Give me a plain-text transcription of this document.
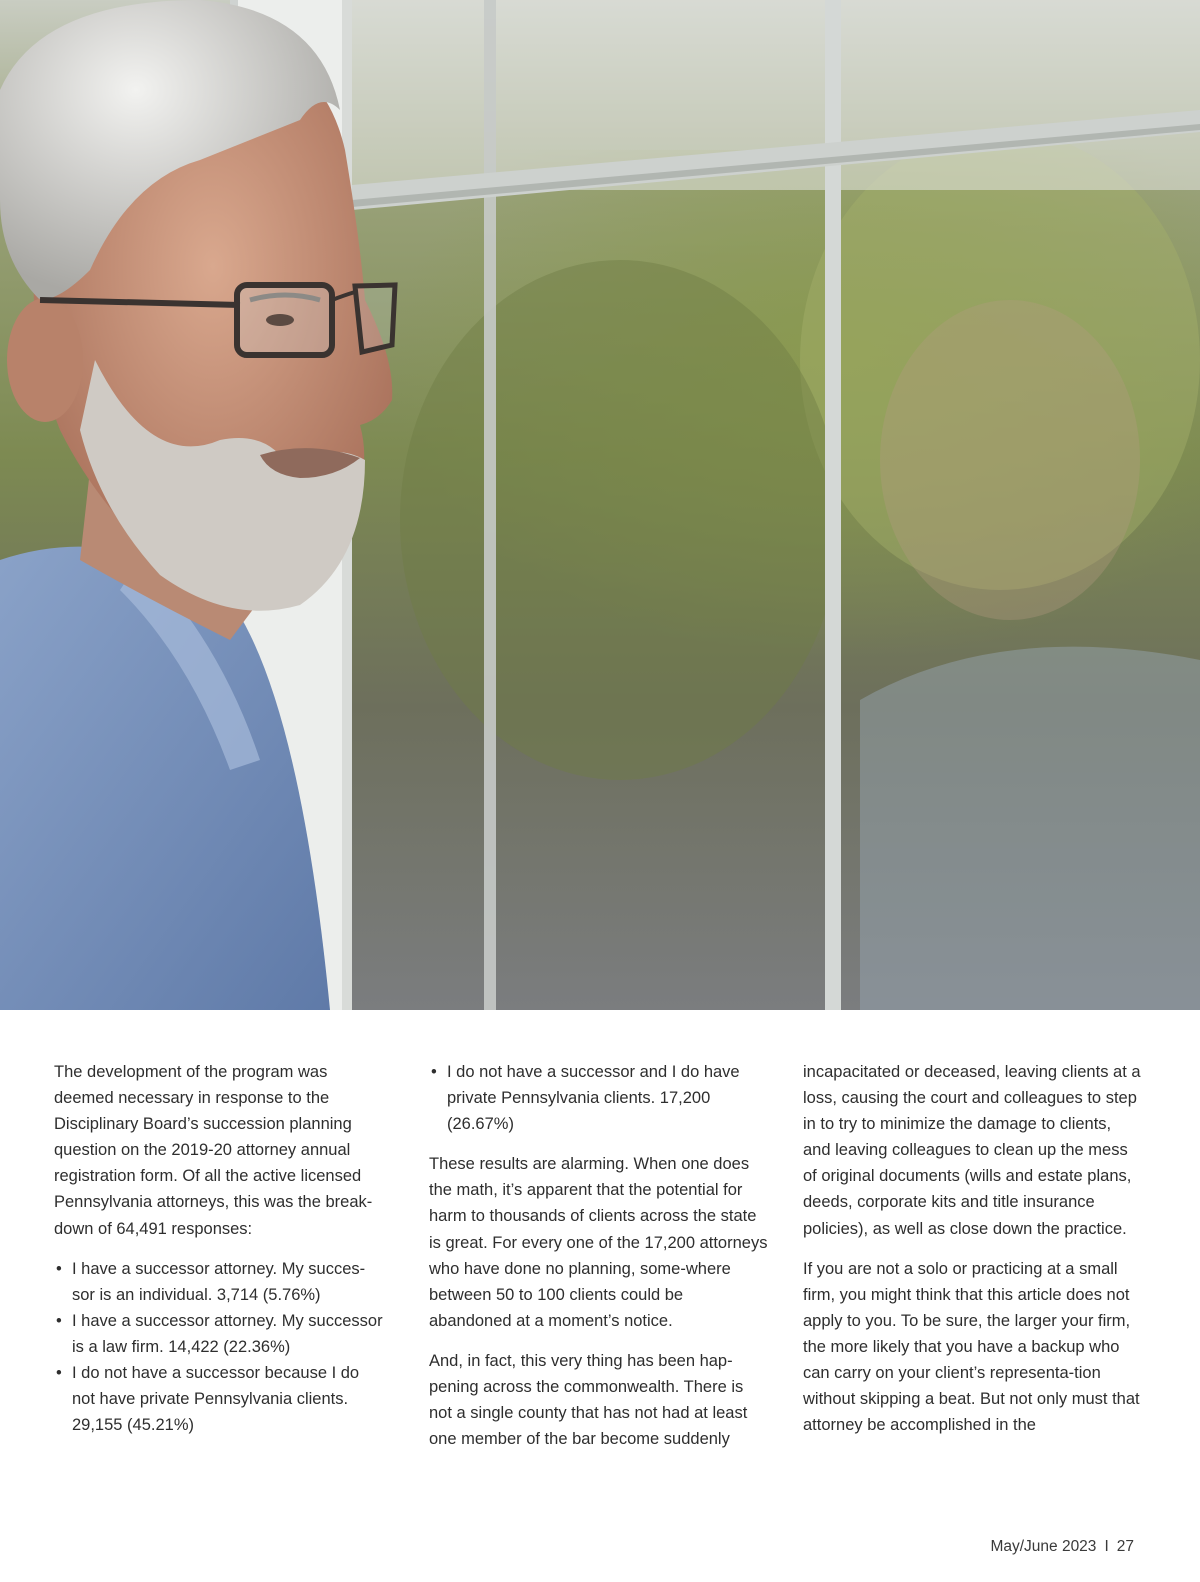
The development of the program was deemed necessary in response to the Disciplinary Board’s succession planning question on the 2019-20 attorney annual registration form. Of all the active licensed Pennsylvania attorneys, this was the break-down of 64,491 responses:

• I have a successor attorney. My succes-sor is an individual. 3,714 (5.76%)
• I have a successor attorney. My successor is a law firm. 14,422 (22.36%)
• I do not have a successor because I do not have private Pennsylvania clients. 29,155 (45.21%)
• I do not have a successor and I do have private Pennsylvania clients. 17,200 (26.67%)

These results are alarming. When one does the math, it’s apparent that the potential for harm to thousands of clients across the state is great. For every one of the 17,200 attorneys who have done no planning, some-where between 50 to 100 clients could be abandoned at a moment’s notice.

And, in fact, this very thing has been hap-pening across the commonwealth. There is not a single county that has not had at least one member of the bar become suddenly

incapacitated or deceased, leaving clients at a loss, causing the court and colleagues to step in to try to minimize the damage to clients, and leaving colleagues to clean up the mess of original documents (wills and estate plans, deeds, corporate kits and title insurance policies), as well as close down the practice.

If you are not a solo or practicing at a small firm, you might think that this article does not apply to you. To be sure, the larger your firm, the more likely that you have a backup who can carry on your client’s representa-tion without skipping a beat. But not only must that attorney be accomplished in the

May/June 2023 I 27
